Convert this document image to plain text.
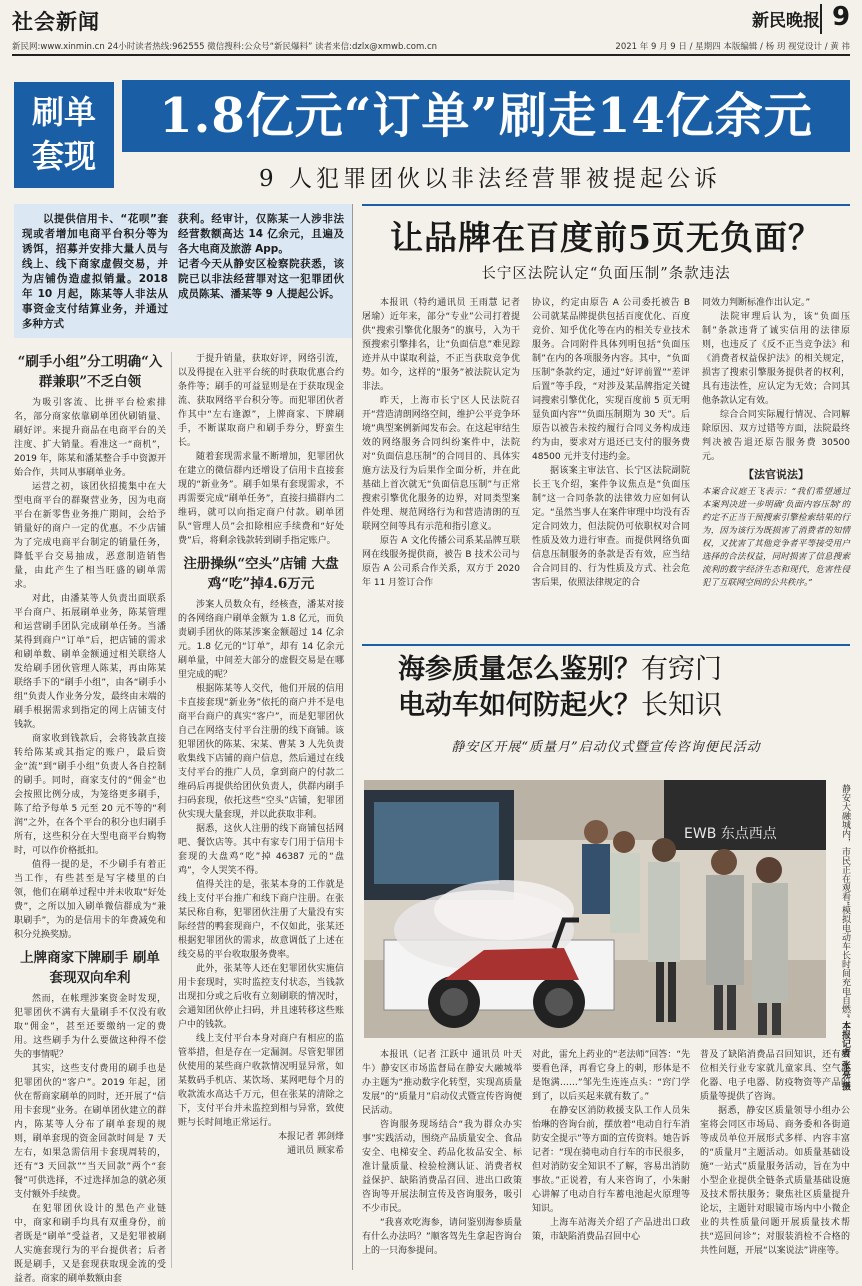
社会新闻	新民晚报 9
新民网:www.xinmin.cn 24小时读者热线:962555 微信搜科:公众号“新民爆料” 读者来信:dzlx@xmwb.com.cn	2021 年 9 月 9 日 / 星期四 本版编辑 / 杨 玥 视觉设计 / 黄 祎
刷单
套现
1.8亿元“订单”刷走14亿余元
9 人犯罪团伙以非法经营罪被提起公诉
以提供信用卡、“花呗”套现或者增加电商平台积分等为诱饵，招募并安排大量人员与线上、线下商家虚假交易，并为店铺伪造虚拟销量。2018 年 10 月起，陈某等人非法从事资金支付结算业务，并通过多种方式
获利。经审计，仅陈某一人涉非法经营数额高达 14 亿余元，且遍及各大电商及旅游 App。
记者今天从静安区检察院获悉，该院已以非法经营罪对这一犯罪团伙成员陈某、潘某等 9 人提起公诉。
“刷手小组”分工明确“入群兼职”不乏白领

为吸引客流、比拼平台检索排名，部分商家依靠刷单团伙刷销量、刷好评。来提升商品在电商平台的关注度、扩大销量。看准这一“商机”，2019 年，陈某和潘某整合手中资源开始合作，共同从事刷单业务。

运营之初，该团伙招揽集中在大型电商平台的群聚营业务，因为电商平台在新零售业务推广期间，会给予销量好的商户一定的优惠。不少店铺为了完成电商平台制定的销量任务，降低平台交易抽成，恶意制造销售量，由此产生了相当旺盛的刷单需求。

对此，由潘某等人负责出面联系平台商户、拓展刷单业务，陈某管理和运营刷手团队完成刷单任务。当潘某得到商户“订单”后，把店铺的需求和刷单数、刷单金额通过相关联络人发给刷手团伙管理人陈某，再由陈某联络手下的“刷手小组”，由各“刷手小组”负责人作业务分发，最终由末端的刷手根据需求到指定的网上店铺支付钱款。

商家收到钱款后，会将钱款直接转给陈某或其指定的账户，最后资金“流”到“刷手小组”负责人各自控制的刷手。同时，商家支付的“佣金”也会按照比例分成，为笼络更多刷手，陈了给予每单 5 元至 20 元不等的“利润”之外，在各个平台的积分也归刷手所有，这些积分在大型电商平台购物时，可以作价格抵扣。

值得一提的是，不少刷手有着正当工作，有些甚至是写字楼里的白领，他们在刷单过程中并未收取“好处费”，之所以加入刷单微信群成为“兼职刷手”，为的是信用卡的年费减免和积分兑换奖励。

上牌商家下牌刷手 刷单套现双向牟利

然而，在帐理涉案资金时发现，犯罪团伙不满有大量刷手不仅没有收取“佣金”，甚至还要缴纳一定的费用。这些刷手为什么要做这种得不偿失的事情呢？

其实，这些支付费用的刷手也是犯罪团伙的“客户”。2019 年起，团伙在帮商家刷单的同时，还开展了“信用卡套现”业务。在刷单团伙建立的群内，陈某等人分布了刷单套现的规则，刷单套现的资金回款时间是 7 天左右，如果急需信用卡套现周转的，还有“3 天回款”“当天回款”两个“套餐”可供选择，不过选择加急的就必须支付额外手续费。

在犯罪团伙设计的黑色产业链中，商家和刷手均具有双重身份，前者既是“刷单”受益者，又是犯罪被刷人实施套现行为的平台提供者；后者既是刷手，又是套现获取现金流的受益者。商家的刷单数额由套

于提升销量，获取好评，网络引流，以及得提在入驻平台统的时获取优惠合约条件等；刷手的可益显则是在于获取现金流、获取网络平台积分等。而犯罪团伙者作其中“左右逢源”，上牌商家、下牌刷手，不断谋取商户和刷手券分，野蛮生长。

随着套现需求量不断增加，犯罪团伙在建立的微信群内还增设了信用卡直接套现的“新业务”。刷手如果有套现需求，不再需要完成“刷单任务”，直接扫描群内二维码，就可以向指定商户付款。刷单团队“管理人员”会扣除相应手续费和“好处费”后，将剩余钱款转到刷手指定账户。

注册操纵“空头”店铺 大盘鸡“吃”掉4.6万元

涉案人员数众有，经核查，潘某对接的各网络商户刷单金额为 1.8 亿元，而负责刷手团伙的陈某涉案金额超过 14 亿余元。1.8 亿元的“订单”，却有 14 亿余元刷单量，中间差大部分的虚假交易是在哪里完成的呢？

根据陈某等人交代，他们开展的信用卡直接套现“新业务”依托的商户并不是电商平台商户的真实“客户”，而是犯罪团伙自己在网络支付平台注册的线下商铺。该犯罪团伙的陈某、宋某、曹某 3 人先负责收集线下店铺的商户信息，然后通过在线支付平台的推广人员，拿到商户的付款二维码后再提供给团伙负责人，供群内刷手扫码套现，依托这些“空头”店铺，犯罪团伙实现大量套现，并以此获取非利。

据悉，这伙人注册的线下商铺包括网吧、餐饮店等。其中有家专门用于信用卡套现的大盘鸡“吃”掉 46387 元的“盘鸡”，令人哭笑不得。

值得关注的是，张某本身的工作就是线上支付平台推广和线下商户注册。在张某民称自称，犯罪团伙注册了大量没有实际经营的鸭套现商户，不仅如此，张某还根据犯罪团伙的需求，故意调低了上述在线交易的平台收取服务费率。

此外，张某等人还在犯罪团伙实施信用卡套现时，实时监控支付状态，当钱款出现扣分或之后收有立刻刷联的情况时，会通知团伙停止扫码，并且速转移这些账户中的钱款。

线上支付平台本身对商户有相应的监管举措，但是存在一定漏洞。尽管犯罪团伙使用的某些商户收款情况明显异常，如某数码手机店、某饮场、某网吧每个月的收款流水高达千万元，但在张某的清除之下，支付平台并未监控到相与异常，致使赃与长时间地正常运行。

本报记者 郭剑烽
通讯员 顾家希
让品牌在百度前5页无负面？
长宁区法院认定“负面压制”条款违法

本报讯（特约通讯员 王雨慧 记者 屠瑜）近年来，部分“专业”公司打着提供“搜索引擎优化服务”的旗号，入为干预搜索引擎排名，让“负面信息”难见踪迹并从中谋取利益，不正当获取竞争优势。如今，这样的“服务”被法院认定为非法。

昨天，上海市长宁区人民法院召开“营造清朗网络空间，维护公平竞争环境”典型案例新闻发布会。在这起审结生效的网络服务合同纠纷案件中，法院对“负面信息压制”的合同目的、具体实施方法及行为后果作全面分析，并在此基础上首次就无“负面信息压制”与正常搜索引擎优化服务的边界，对同类型案件处理、规范网络行为和营造清朗的互联网空间等具有示范和指引意义。

原告 A 文化传播公司系某品牌互联网在线服务提供商，被告 B 技术公司与原告 A 公司系合作关系，双方于 2020 年 11 月签订合作

协议，约定由原告 A 公司委托被告 B 公司就某品牌提供包括百度优化、百度竞价、知乎优化等在内的相关专业技术服务。合同附件具体列明包括“负面压制”在内的各项服务内容。其中，“负面压制”条款约定，通过“好评前置”“差评后置”等手段，“对涉及某品牌指定关键词搜索引擎优化，实现百度前 5 页无明显负面内容”“负面压制期为 30 天”。后原告以被告未按约履行合同义务构成违约为由，要求对方退还已支付的服务费 48500 元并支付违约金。

据该案主审法官、长宁区法院副院长王飞介绍，案件争议焦点是“负面压制”这一合同条款的法律效力应如何认定。“虽然当事人在案件审理中均没有否定合同效力，但法院仍可依职权对合同性质及效力进行审查。而提供网络负面信息压制服务的条款是否有效，应当结合合同目的、行为性质及方式、社会危害后果，依照法律规定的合

同效力判断标准作出认定。”

法院审理后认为，该“负面压制”条款违背了诚实信用的法律原则，也违反了《反不正当竞争法》和《消费者权益保护法》的相关规定，损害了搜索引擎服务提供者的权利，具有违法性，应认定为无效；合同其他条款认定有效。

综合合同实际履行情况、合同解除原因、双方过错等方面，法院最终判决被告退还原告服务费 30500 元。

【法官说法】
本案合议庭王飞表示：“我们希望通过本案判决进一步明确‘负面内容压制’的约定不正当干预搜索引擎检索结果的行为，因为该行为既损害了消费者的知情权，又扰害了其他竞争者平等接受用户选择的合法权益，同时损害了信息搜索流利的数字经济生态和现代，危害性侵犯了互联网空间的公共秩序。”
海参质量怎么鉴别？有窍门
电动车如何防起火？长知识
静安区开展“质量月”启动仪式暨宣传咨询便民活动
EWB 东点西点	静安大融城内，市民正在观看“模拟电动车长时间充电自燃” 本报记者 张亮 摄

本报讯（记者 江跃中 通讯员 叶天牛）静安区市场监督局在静安大融城举办主题为“推动数字化转型，实现高质量发展”的“质量月”启动仪式暨宣传咨询便民活动。

咨询服务现场结合“我为群众办实事”实践活动，围绕产品质量安全、食品安全、电梯安全、药品化妆品安全、标准计量质量、检验检测认证、消费者权益保护、缺陷消费品召回、进出口政策咨询等开展法制宣传及咨询服务，吸引不少市民。

“我喜欢吃海参，请问鉴别海参质量有什么办法吗？”顺客驾先生拿起咨询台上的一只海参提问。

对此，雷允上药业的“老法师”回答：“先要看色泽，再看它身上的刺，形体是不是饱满……”邹先生连连点头：“窍门学到了，以后买起来就有数了。”

在静安区消防救援支队工作人员朱怡琳的咨询台前，摆放着“电动自行车消防安全提示”等方面的宣传资料。她告诉记者：“现在骑电动自行车的市民很多，但对消防安全知识不了解，容易出消防事故。”正说着，有人来咨询了，小朱耐心讲解了电动自行车蓄电池起火原理等知识。

上海车站海关介绍了产品进出口政策，市缺陷消费品召回中心

普及了缺陷消费品召回知识，还有数位相关行业专家就儿童家具、空气净化器、电子电器、防疫物资等产品的质量等提供了咨询。

据悉，静安区质量领导小组办公室将会同区市场局、商务委和各街道等成员单位开展形式多样、内容丰富的“质量月”主题活动。如质量基础设施“一站式”质量服务活动，旨在为中小型企业提供全链条式质量基础设施及技术帮扶服务；聚焦社区质量提升论坛，主题针对眼镜市场内中小微企业的共性质量问题开展质量技术帮扶“巡回问诊”；对服装消检不合格的共性问题，开展“以案说法”讲座等。
